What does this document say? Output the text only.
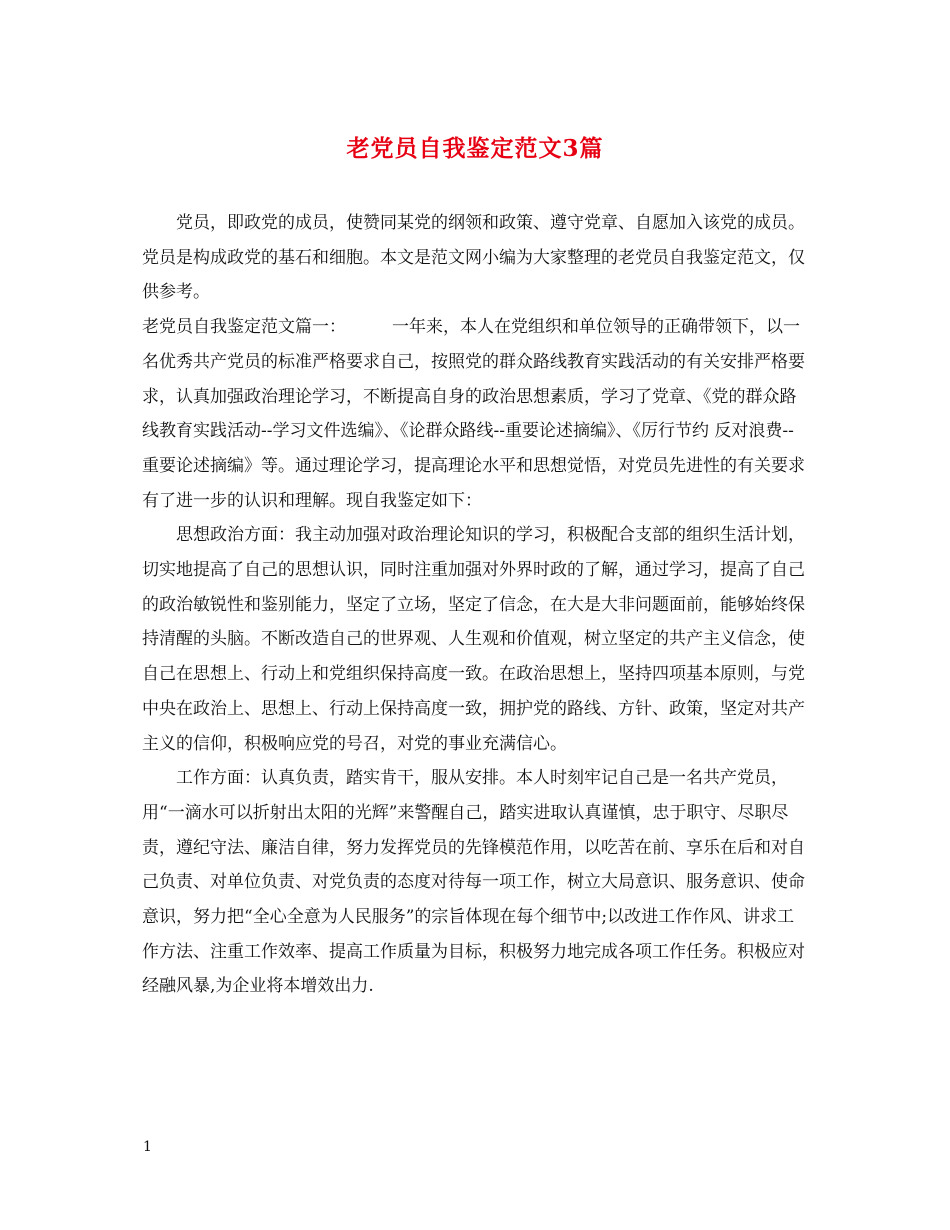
老党员自我鉴定范文3篇

党员，即政党的成员，使赞同某党的纲领和政策、遵守党章、自愿加入该党的成员。党员是构成政党的基石和细胞。本文是范文网小编为大家整理的老党员自我鉴定范文，仅供参考。

老党员自我鉴定范文篇一：	一年来，本人在党组织和单位领导的正确带领下，以一名优秀共产党员的标准严格要求自己，按照党的群众路线教育实践活动的有关安排严格要求，认真加强政治理论学习，不断提高自身的政治思想素质，学习了党章、《党的群众路线教育实践活动--学习文件选编》、《论群众路线--重要论述摘编》、《厉行节约 反对浪费--重要论述摘编》等。通过理论学习，提高理论水平和思想觉悟，对党员先进性的有关要求有了进一步的认识和理解。现自我鉴定如下：

思想政治方面：我主动加强对政治理论知识的学习，积极配合支部的组织生活计划，切实地提高了自己的思想认识，同时注重加强对外界时政的了解，通过学习，提高了自己的政治敏锐性和鉴别能力，坚定了立场，坚定了信念，在大是大非问题面前，能够始终保持清醒的头脑。不断改造自己的世界观、人生观和价值观，树立坚定的共产主义信念，使自己在思想上、行动上和党组织保持高度一致。在政治思想上，坚持四项基本原则，与党中央在政治上、思想上、行动上保持高度一致，拥护党的路线、方针、政策，坚定对共产主义的信仰，积极响应党的号召，对党的事业充满信心。

工作方面：认真负责，踏实肯干，服从安排。本人时刻牢记自己是一名共产党员，用“一滴水可以折射出太阳的光辉”来警醒自己，踏实进取认真谨慎，忠于职守、尽职尽责，遵纪守法、廉洁自律，努力发挥党员的先锋模范作用，以吃苦在前、享乐在后和对自己负责、对单位负责、对党负责的态度对待每一项工作，树立大局意识、服务意识、使命意识，努力把“全心全意为人民服务”的宗旨体现在每个细节中;以改进工作作风、讲求工作方法、注重工作效率、提高工作质量为目标，积极努力地完成各项工作任务。积极应对经融风暴,为企业将本增效出力.

1
